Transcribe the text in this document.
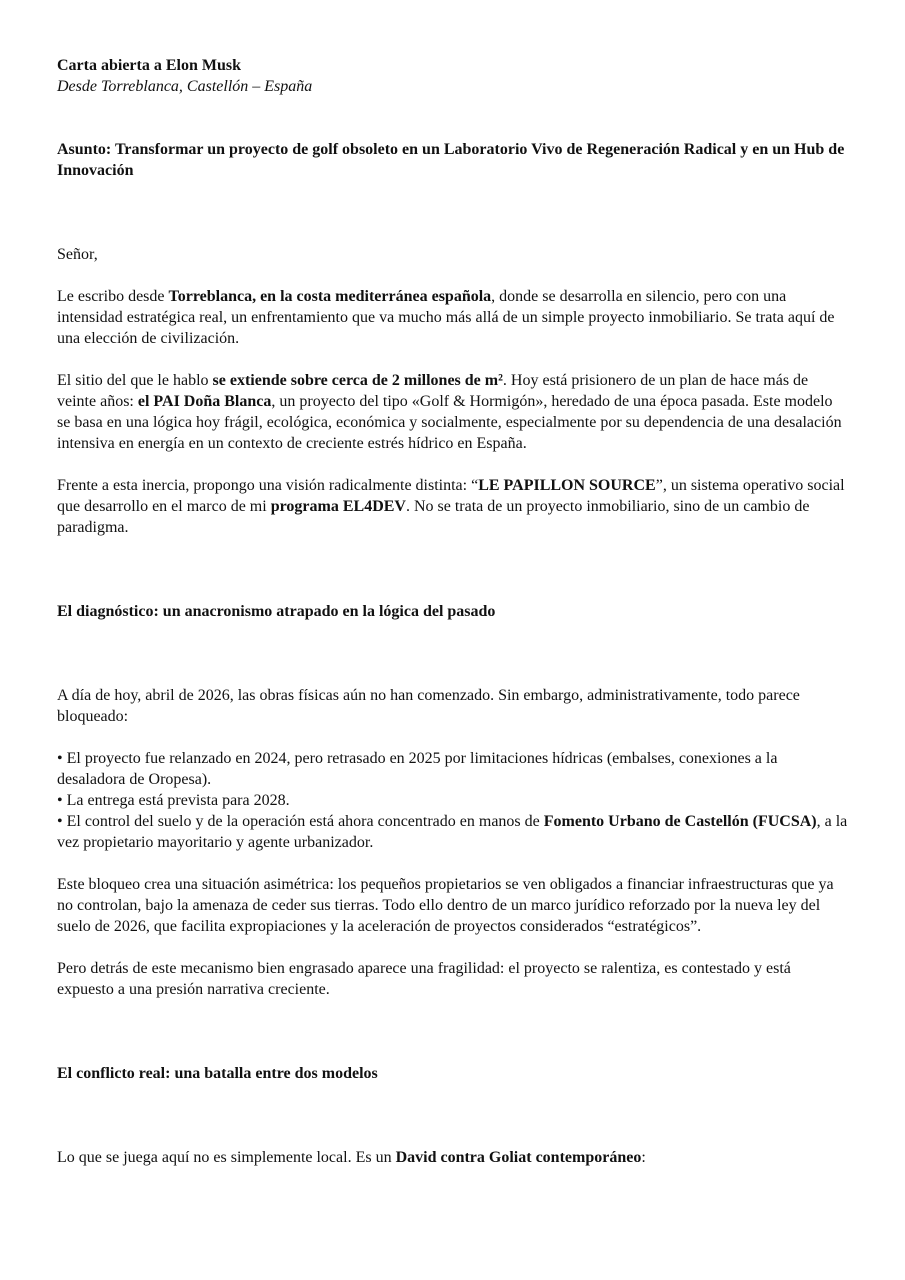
Carta abierta a Elon Musk
Desde Torreblanca, Castellón – España
Asunto: Transformar un proyecto de golf obsoleto en un Laboratorio Vivo de Regeneración Radical y en un Hub de Innovación
Señor,
Le escribo desde Torreblanca, en la costa mediterránea española, donde se desarrolla en silencio, pero con una intensidad estratégica real, un enfrentamiento que va mucho más allá de un simple proyecto inmobiliario. Se trata aquí de una elección de civilización.
El sitio del que le hablo se extiende sobre cerca de 2 millones de m². Hoy está prisionero de un plan de hace más de veinte años: el PAI Doña Blanca, un proyecto del tipo «Golf & Hormigón», heredado de una época pasada. Este modelo se basa en una lógica hoy frágil, ecológica, económica y socialmente, especialmente por su dependencia de una desalación intensiva en energía en un contexto de creciente estrés hídrico en España.
Frente a esta inercia, propongo una visión radicalmente distinta: “LE PAPILLON SOURCE”, un sistema operativo social que desarrollo en el marco de mi programa EL4DEV. No se trata de un proyecto inmobiliario, sino de un cambio de paradigma.
El diagnóstico: un anacronismo atrapado en la lógica del pasado
A día de hoy, abril de 2026, las obras físicas aún no han comenzado. Sin embargo, administrativamente, todo parece bloqueado:
• El proyecto fue relanzado en 2024, pero retrasado en 2025 por limitaciones hídricas (embalses, conexiones a la desaladora de Oropesa).
• La entrega está prevista para 2028.
• El control del suelo y de la operación está ahora concentrado en manos de Fomento Urbano de Castellón (FUCSA), a la vez propietario mayoritario y agente urbanizador.
Este bloqueo crea una situación asimétrica: los pequeños propietarios se ven obligados a financiar infraestructuras que ya no controlan, bajo la amenaza de ceder sus tierras. Todo ello dentro de un marco jurídico reforzado por la nueva ley del suelo de 2026, que facilita expropiaciones y la aceleración de proyectos considerados “estratégicos”.
Pero detrás de este mecanismo bien engrasado aparece una fragilidad: el proyecto se ralentiza, es contestado y está expuesto a una presión narrativa creciente.
El conflicto real: una batalla entre dos modelos
Lo que se juega aquí no es simplemente local. Es un David contra Goliat contemporáneo:
